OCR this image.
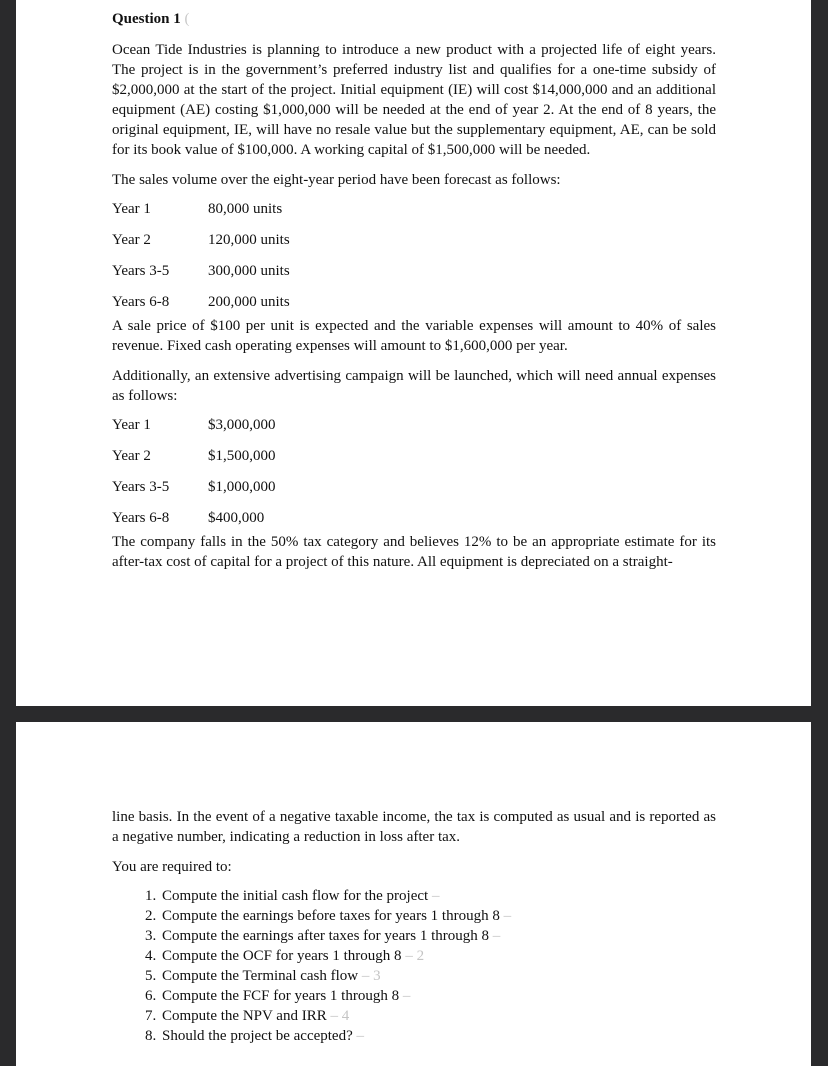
Question 1 (

Ocean Tide Industries is planning to introduce a new product with a projected life of eight years. The project is in the government’s preferred industry list and qualifies for a one-time subsidy of $2,000,000 at the start of the project. Initial equipment (IE) will cost $14,000,000 and an additional equipment (AE) costing $1,000,000 will be needed at the end of year 2. At the end of 8 years, the original equipment, IE, will have no resale value but the supplementary equipment, AE, can be sold for its book value of $100,000. A working capital of $1,500,000 will be needed.

The sales volume over the eight-year period have been forecast as follows:

Year 1	80,000 units
Year 2	120,000 units
Years 3-5	300,000 units
Years 6-8	200,000 units

A sale price of $100 per unit is expected and the variable expenses will amount to 40% of sales revenue. Fixed cash operating expenses will amount to $1,600,000 per year.

Additionally, an extensive advertising campaign will be launched, which will need annual expenses as follows:

Year 1	$3,000,000
Year 2	$1,500,000
Years 3-5	$1,000,000
Years 6-8	$400,000

The company falls in the 50% tax category and believes 12% to be an appropriate estimate for its after-tax cost of capital for a project of this nature. All equipment is depreciated on a straight-

line basis. In the event of a negative taxable income, the tax is computed as usual and is reported as a negative number, indicating a reduction in loss after tax.

You are required to:

1. Compute the initial cash flow for the project –
2. Compute the earnings before taxes for years 1 through 8 –
3. Compute the earnings after taxes for years 1 through 8 –
4. Compute the OCF for years 1 through 8 – 2
5. Compute the Terminal cash flow – 3
6. Compute the FCF for years 1 through 8 –
7. Compute the NPV and IRR – 4
8. Should the project be accepted? –
